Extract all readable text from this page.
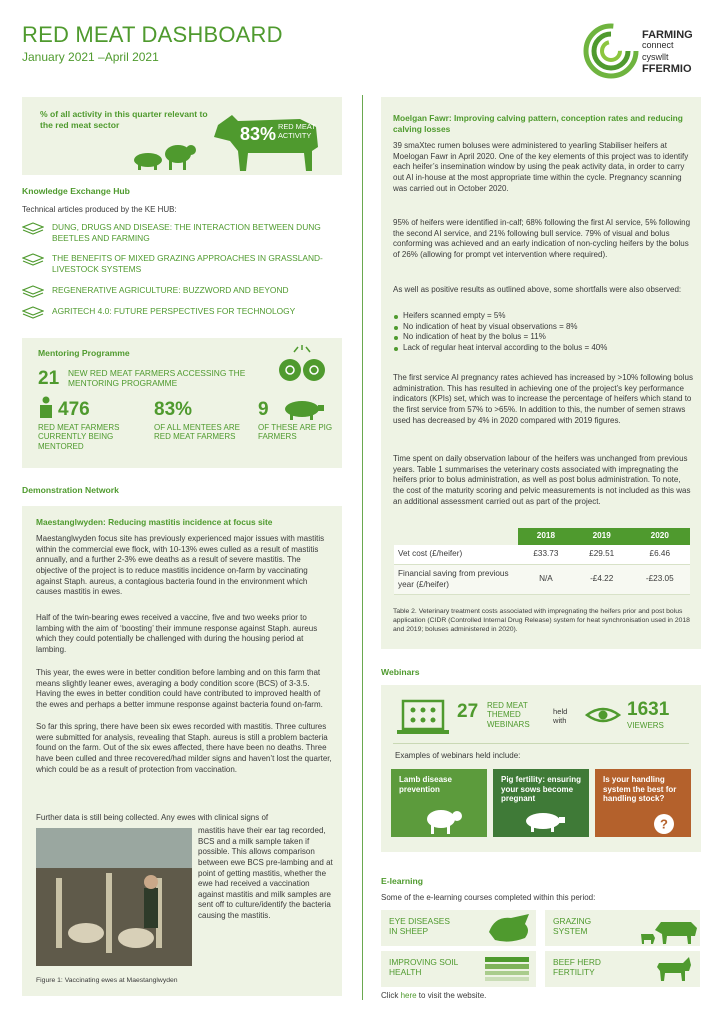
RED MEAT DASHBOARD
January 2021 –April 2021
FARMING
connect
cyswllt
FFERMIO
% of all activity in this quarter relevant to the red meat sector	83% RED MEAT ACTIVITY
Knowledge Exchange Hub
Technical articles produced by the KE HUB:
DUNG, DRUGS AND DISEASE: THE INTERACTION BETWEEN DUNG BEETLES AND FARMING
THE BENEFITS OF MIXED GRAZING APPROACHES IN GRASSLAND-LIVESTOCK SYSTEMS
REGENERATIVE AGRICULTURE: BUZZWORD AND BEYOND
AGRITECH 4.0: FUTURE PERSPECTIVES FOR TECHNOLOGY
Mentoring Programme
21 NEW RED MEAT FARMERS ACCESSING THE MENTORING PROGRAMME
476
RED MEAT FARMERS CURRENTLY BEING MENTORED
83%
OF ALL MENTEES ARE RED MEAT FARMERS
9
OF THESE ARE PIG FARMERS
Demonstration Network
Maestanglwyden: Reducing mastitis incidence at focus site
Maestanglwyden focus site has previously experienced major issues with mastitis within the commercial ewe flock, with 10-13% ewes culled as a result of mastitis annually, and a further 2-3% ewe deaths as a result of severe mastitis. The objective of the project is to reduce mastitis incidence on-farm by vaccinating against Staph. aureus, a contagious bacteria found in the environment which causes mastitis in ewes.
Half of the twin-bearing ewes received a vaccine, five and two weeks prior to lambing with the aim of ‘boosting’ their immune response against Staph. aureus which they could potentially be challenged with during the housing period at lambing.
This year, the ewes were in better condition before lambing and on this farm that means slightly leaner ewes, averaging a body condition score (BCS) of 3-3.5. Having the ewes in better condition could have contributed to improved health of the ewes and perhaps a better immune response against bacteria found on-farm.
So far this spring, there have been six ewes recorded with mastitis. Three cultures were submitted for analysis, revealing that Staph. aureus is still a problem bacteria found on the farm. Out of the six ewes affected, there have been no deaths. Three have been culled and three recovered/had milder signs and haven’t lost the quarter, which could be as a result of protection from vaccination.
Further data is still being collected. Any ewes with clinical signs of
mastitis have their ear tag recorded, BCS and a milk sample taken if possible. This allows comparison between ewe BCS pre-lambing and at point of getting mastitis, whether the ewe had received a vaccination against mastitis and milk samples are sent off to culture/identify the bacteria causing the mastitis.
Figure 1: Vaccinating ewes at Maestanglwyden
Moelgan Fawr: Improving calving pattern, conception rates and reducing calving losses
39 smaXtec rumen boluses were administered to yearling Stabiliser heifers at Moelogan Fawr in April 2020. One of the key elements of this project was to identify each heifer’s insemination window by using the peak activity data, in order to carry out AI in-house at the most appropriate time within the cycle. Pregnancy scanning was carried out in October 2020.
95% of heifers were identified in-calf; 68% following the first AI service, 5% following the second AI service, and 21% following bull service. 79% of visual and bolus conforming was achieved and an early indication of non-cycling heifers by the bolus of 26% (allowing for prompt vet intervention where required).
As well as positive results as outlined above, some shortfalls were also observed:
Heifers scanned empty = 5%
No indication of heat by visual observations = 8%
No indication of heat by the bolus = 11%
Lack of regular heat interval according to the bolus = 40%
The first service AI pregnancy rates achieved has increased by >10% following bolus administration. This has resulted in achieving one of the project’s key performance indicators (KPIs) set, which was to increase the percentage of heifers which stand to the first service from 57% to >65%. In addition to this, the number of semen straws used has decreased by 4% in 2020 compared with 2019 figures.
Time spent on daily observation labour of the heifers was unchanged from previous years. Table 1 summarises the veterinary costs associated with impregnating the heifers prior to bolus administration, as well as post bolus administration. To note, the cost of the maturity scoring and pelvic measurements is not included as this was an additional assessment carried out as part of the project.
Table 2. Veterinary treatment costs associated with impregnating the heifers prior and post bolus application (CIDR (Controlled Internal Drug Release) system for heat synchronisation used in 2018 and 2019; boluses administered in 2020).
	2018	2019	2020
Vet cost (£/heifer)	£33.73	£29.51	£6.46
Financial saving from previous year (£/heifer)	N/A	-£4.22	-£23.05
Webinars
27 RED MEAT THEMED WEBINARS
held with
1631
VIEWERS
Examples of webinars held include:
Lamb disease prevention
Pig fertility: ensuring your sows become pregnant
Is your handling system the best for handling stock?
?
E-learning
Some of the e-learning courses completed within this period:
EYE DISEASES IN SHEEP
GRAZING SYSTEM
IMPROVING SOIL HEALTH
BEEF HERD FERTILITY
Click here to visit the website.
